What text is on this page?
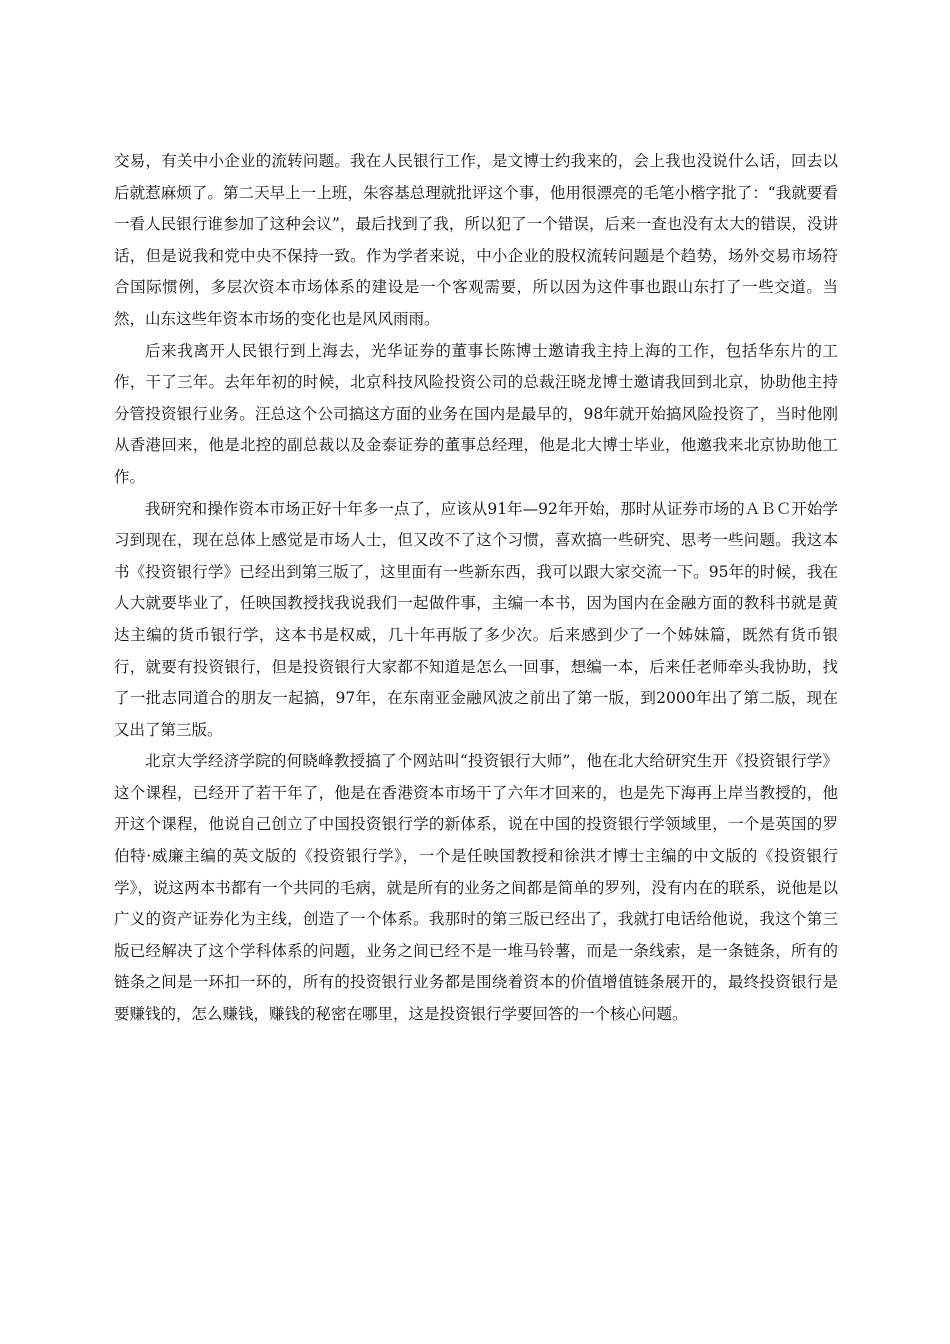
交易，有关中小企业的流转问题。我在人民银行工作，是文博士约我来的，会上我也没说什么话，回去以后就惹麻烦了。第二天早上一上班，朱容基总理就批评这个事，他用很漂亮的毛笔小楷字批了：“我就要看一看人民银行谁参加了这种会议”，最后找到了我，所以犯了一个错误，后来一查也没有太大的错误，没讲话，但是说我和党中央不保持一致。作为学者来说，中小企业的股权流转问题是个趋势，场外交易市场符合国际惯例，多层次资本市场体系的建设是一个客观需要，所以因为这件事也跟山东打了一些交道。当然，山东这些年资本市场的变化也是风风雨雨。

后来我离开人民银行到上海去，光华证券的董事长陈博士邀请我主持上海的工作，包括华东片的工作，干了三年。去年年初的时候，北京科技风险投资公司的总裁汪晓龙博士邀请我回到北京，协助他主持分管投资银行业务。汪总这个公司搞这方面的业务在国内是最早的，98年就开始搞风险投资了，当时他刚从香港回来，他是北控的副总裁以及金泰证券的董事总经理，他是北大博士毕业，他邀我来北京协助他工作。

我研究和操作资本市场正好十年多一点了，应该从91年—92年开始，那时从证券市场的ＡＢＣ开始学习到现在，现在总体上感觉是市场人士，但又改不了这个习惯，喜欢搞一些研究、思考一些问题。我这本书《投资银行学》已经出到第三版了，这里面有一些新东西，我可以跟大家交流一下。95年的时候，我在人大就要毕业了，任映国教授找我说我们一起做件事，主编一本书，因为国内在金融方面的教科书就是黄达主编的货币银行学，这本书是权威，几十年再版了多少次。后来感到少了一个姊妹篇，既然有货币银行，就要有投资银行，但是投资银行大家都不知道是怎么一回事，想编一本，后来任老师牵头我协助，找了一批志同道合的朋友一起搞，97年，在东南亚金融风波之前出了第一版，到2000年出了第二版，现在又出了第三版。

北京大学经济学院的何晓峰教授搞了个网站叫“投资银行大师”，他在北大给研究生开《投资银行学》这个课程，已经开了若干年了，他是在香港资本市场干了六年才回来的，也是先下海再上岸当教授的，他开这个课程，他说自己创立了中国投资银行学的新体系，说在中国的投资银行学领域里，一个是英国的罗伯特·威廉主编的英文版的《投资银行学》，一个是任映国教授和徐洪才博士主编的中文版的《投资银行学》，说这两本书都有一个共同的毛病，就是所有的业务之间都是简单的罗列，没有内在的联系，说他是以广义的资产证券化为主线，创造了一个体系。我那时的第三版已经出了，我就打电话给他说，我这个第三版已经解决了这个学科体系的问题，业务之间已经不是一堆马铃薯，而是一条线索，是一条链条，所有的链条之间是一环扣一环的，所有的投资银行业务都是围绕着资本的价值增值链条展开的，最终投资银行是要赚钱的，怎么赚钱，赚钱的秘密在哪里，这是投资银行学要回答的一个核心问题。
